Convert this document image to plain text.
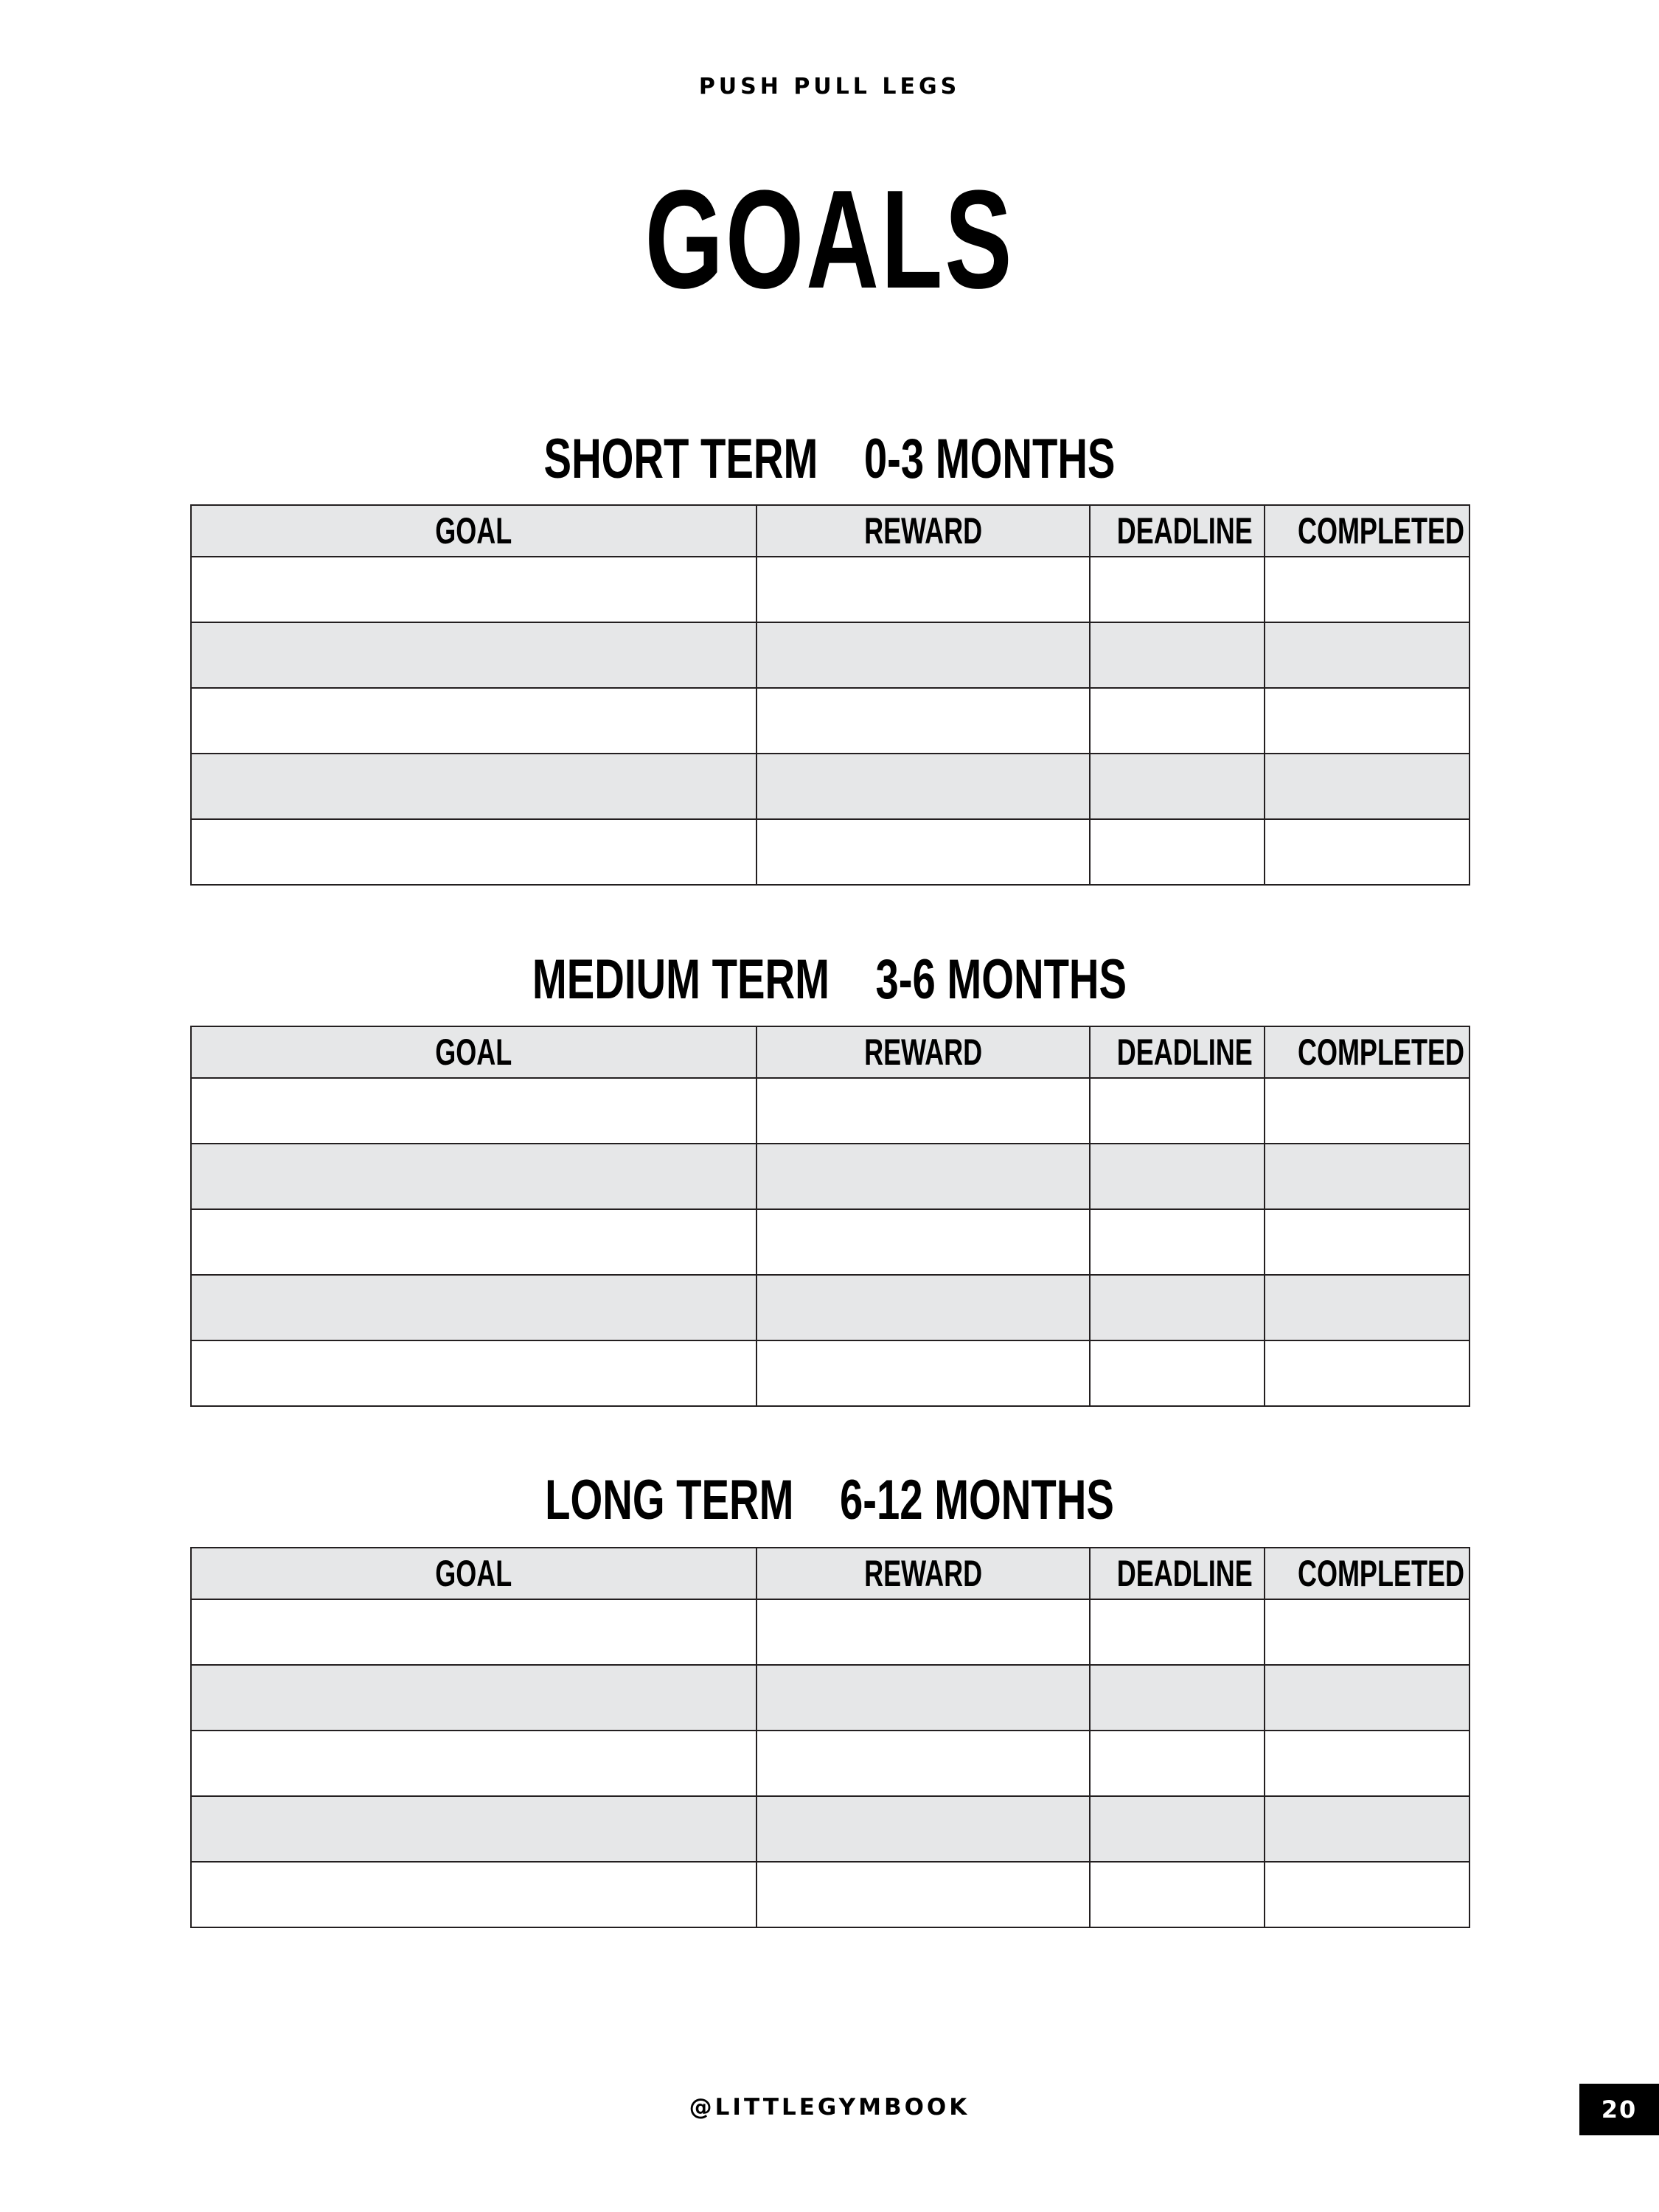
PUSH PULL LEGS
GOALS
SHORT TERM    0-3 MONTHS
GOAL	REWARD	DEADLINE	COMPLETED

MEDIUM TERM    3-6 MONTHS
GOAL	REWARD	DEADLINE	COMPLETED

LONG TERM    6-12 MONTHS
GOAL	REWARD	DEADLINE	COMPLETED

@LITTLEGYMBOOK	20
